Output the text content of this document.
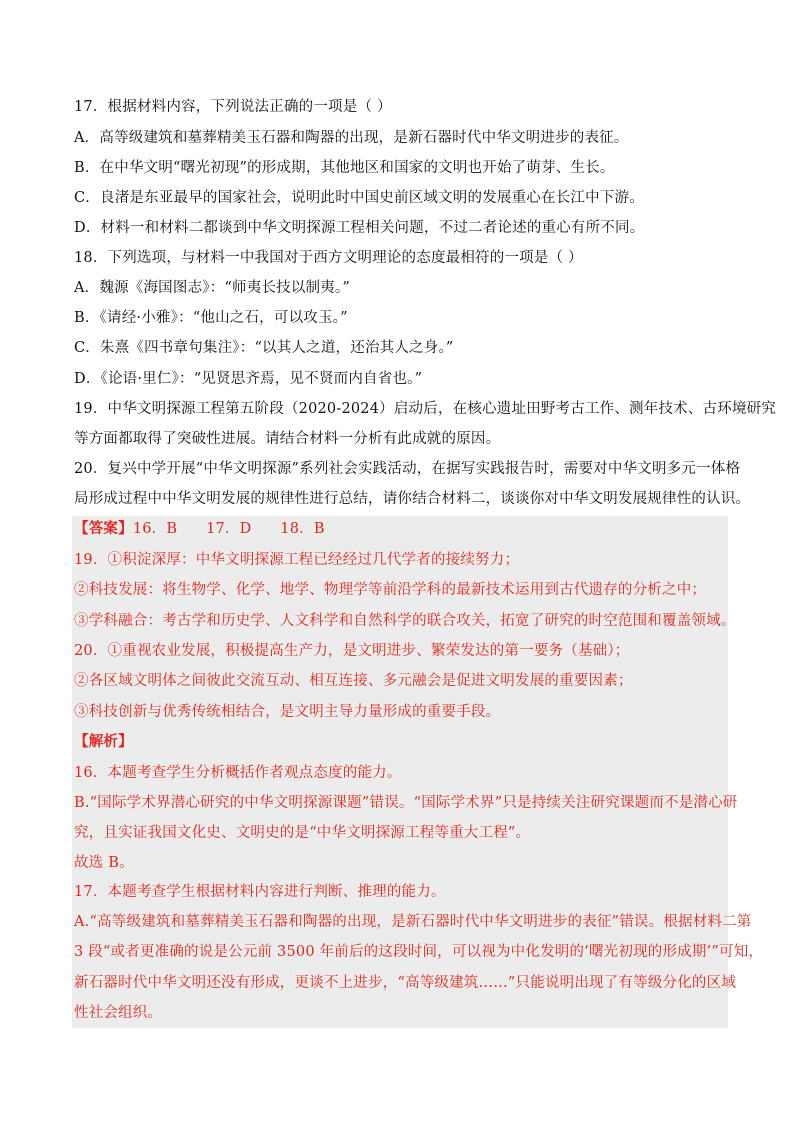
17．根据材料内容，下列说法正确的一项是（ ）
A．高等级建筑和墓葬精美玉石器和陶器的出现，是新石器时代中华文明进步的表征。
B．在中华文明“曙光初现”的形成期，其他地区和国家的文明也开始了萌芽、生长。
C．良渚是东亚最早的国家社会，说明此时中国史前区域文明的发展重心在长江中下游。
D．材料一和材料二都谈到中华文明探源工程相关问题，不过二者论述的重心有所不同。
18．下列选项，与材料一中我国对于西方文明理论的态度最相符的一项是（ ）
A．魏源《海国图志》：“师夷长技以制夷。”
B．《请经·小雅》：“他山之石，可以攻玉。”
C．朱熹《四书章句集注》：“以其人之道，还治其人之身。”
D．《论语·里仁》：“见贤思齐焉，见不贤而内自省也。”
19．中华文明探源工程第五阶段（2020-2024）启动后，在核心遗址田野考古工作、测年技术、古环境研究
等方面都取得了突破性进展。请结合材料一分析有此成就的原因。
20．复兴中学开展“中华文明探源”系列社会实践活动，在据写实践报告时，需要对中华文明多元一体格
局形成过程中中华文明发展的规律性进行总结，请你结合材料二，谈谈你对中华文明发展规律性的认识。
【答案】16．B      17．D      18．B
19．①积淀深厚：中华文明探源工程已经经过几代学者的接续努力；
②科技发展：将生物学、化学、地学、物理学等前沿学科的最新技术运用到古代遗存的分析之中；
③学科融合：考古学和历史学、人文科学和自然科学的联合攻关，拓宽了研究的时空范围和覆盖领域。
20．①重视农业发展，积极提高生产力，是文明进步、繁荣发达的第一要务（基础）；
②各区域文明体之间彼此交流互动、相互连接、多元融会是促进文明发展的重要因素；
③科技创新与优秀传统相结合，是文明主导力量形成的重要手段。
【解析】
16．本题考查学生分析概括作者观点态度的能力。
B.“国际学术界潜心研究的中华文明探源课题”错误。“国际学术界”只是持续关注研究课题而不是潜心研
究，且实证我国文化史、文明史的是“中华文明探源工程等重大工程”。
故选 B。
17．本题考查学生根据材料内容进行判断、推理的能力。
A.“高等级建筑和墓葬精美玉石器和陶器的出现，是新石器时代中华文明进步的表征”错误。根据材料二第
3 段“或者更准确的说是公元前 3500 年前后的这段时间，可以视为中化发明的‘曙光初现的形成期’”可知，
新石器时代中华文明还没有形成，更谈不上进步，“高等级建筑……”只能说明出现了有等级分化的区域
性社会组织。
